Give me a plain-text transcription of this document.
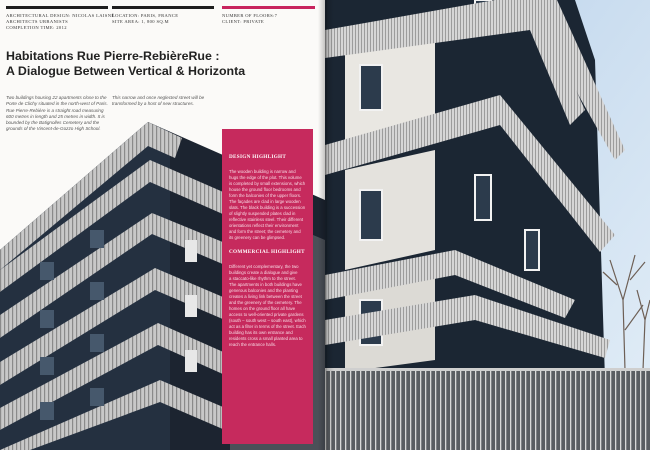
ARCHITECTURAL DESIGN: NICOLAS LAISNÉ
ARCHITECTS URBANISTS
COMPLETION TIME: 2012
LOCATION: PARIS, FRANCE
SITE AREA: 1, 800 SQ.M
NUMBER OF FLOORS:7
CLIENT: PRIVATE
Habitations Rue Pierre-RebièreRue :
A Dialogue Between Vertical & Horizonta
Two buildings housing 22 apartments close to the
Porte de Clichy situated in the north-west of Paris.
Rue Pierre-Rebière is a straight road measuring
600 metres in length and 25 metres in width. It is
bounded by the Batignolles Cemetery and the
grounds of the Vincent-de-Gozzo High School.
This narrow and once neglected street will be
transformed by a host of new structures.
DESIGN HIGHLIGHT
The wooden building is narrow and
hugs the edge of the plot. This volume
is completed by small extensions, which
house the ground floor bedrooms and
form the balconies of the upper floors.
The façades are clad in large wooden
slats. The black building is a succession
of slightly suspended plates clad in
reflective stainless steel. Their different
orientations reflect their environment
and form the street; the cemetery and
its greenery can be glimpsed.
COMMERCIAL HIGHLIGHT
Different yet complementary, the two
buildings create a dialogue and give
a staccato-like rhythm to the street.
The apartments in both buildings have
generous balconies and the planting
creates a living link between the street
and the greenery of the cemetery. The
homes on the ground floor all have
access to well-oriented private gardens
(south – south west – south east), which
act as a filter in terms of the street. Each
building has its own entrance and
residents cross a small planted area to
reach the entrance halls.
